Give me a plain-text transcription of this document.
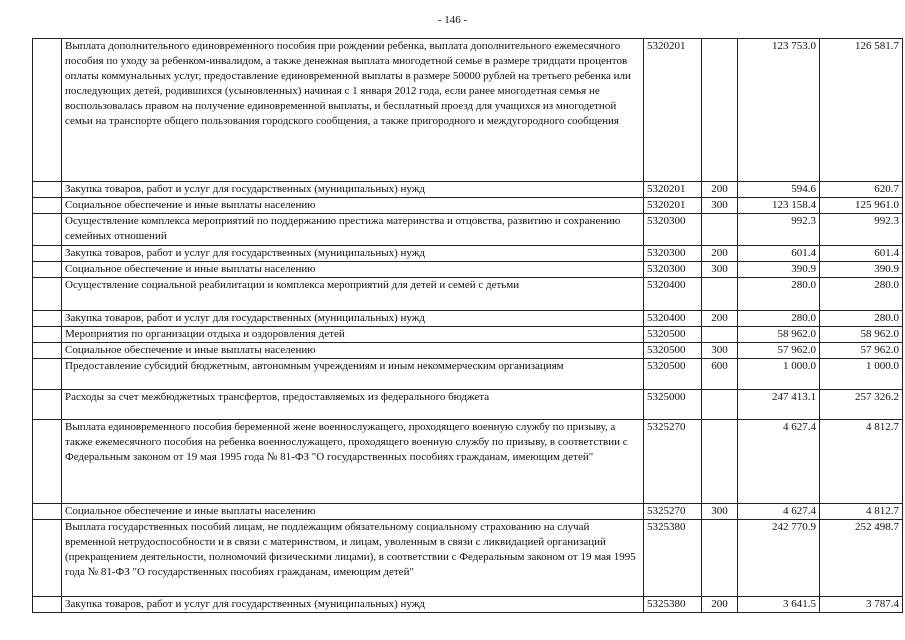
- 146 -
	Выплата дополнительного единовременного пособия при рождении ребенка, выплата дополнительного ежемесячного пособия по уходу за ребенком-инвалидом, а также денежная выплата многодетной семье в размере тридцати процентов оплаты коммунальных услуг, предоставление единовременной выплаты в размере 50000 рублей на третьего ребенка или последующих детей, родившихся (усыновленных) начиная с 1 января 2012 года, если ранее многодетная семья не воспользовалась правом на получение единовременной выплаты, и бесплатный проезд для учащихся из многодетной семьи на транспорте общего пользования городского сообщения, а также пригородного и междугородного сообщения	5320201		123 753.0	126 581.7
	Закупка товаров, работ и услуг для государственных (муниципальных) нужд	5320201	200	594.6	620.7
	Социальное обеспечение и иные выплаты населению	5320201	300	123 158.4	125 961.0
	Осуществление комплекса мероприятий по поддержанию престижа материнства и отцовства, развитию и сохранению семейных отношений	5320300		992.3	992.3
	Закупка товаров, работ и услуг для государственных (муниципальных) нужд	5320300	200	601.4	601.4
	Социальное обеспечение и иные выплаты населению	5320300	300	390.9	390.9
	Осуществление социальной реабилитации и комплекса мероприятий для детей и семей с детьми	5320400		280.0	280.0
	Закупка товаров, работ и услуг для государственных (муниципальных) нужд	5320400	200	280.0	280.0
	Мероприятия по организации отдыха и оздоровления детей	5320500		58 962.0	58 962.0
	Социальное обеспечение и иные выплаты населению	5320500	300	57 962.0	57 962.0
	Предоставление субсидий бюджетным, автономным учреждениям и иным некоммерческим организациям	5320500	600	1 000.0	1 000.0
	Расходы за счет межбюджетных трансфертов, предоставляемых из федерального бюджета	5325000		247 413.1	257 326.2
	Выплата единовременного пособия беременной жене военнослужащего, проходящего военную службу по призыву, а также ежемесячного пособия на ребенка военнослужащего, проходящего военную службу по призыву, в соответствии с Федеральным законом от 19 мая 1995 года № 81-ФЗ "О государственных пособиях гражданам, имеющим детей"	5325270		4 627.4	4 812.7
	Социальное обеспечение и иные выплаты населению	5325270	300	4 627.4	4 812.7
	Выплата государственных пособий лицам, не подлежащим обязательному социальному страхованию на случай временной нетрудоспособности и в связи с материнством, и лицам, уволенным в связи с ликвидацией организаций (прекращением деятельности, полномочий физическими лицами), в соответствии с Федеральным законом от 19 мая 1995 года № 81-ФЗ "О государственных пособиях гражданам, имеющим детей"	5325380		242 770.9	252 498.7
	Закупка товаров, работ и услуг для государственных (муниципальных) нужд	5325380	200	3 641.5	3 787.4
